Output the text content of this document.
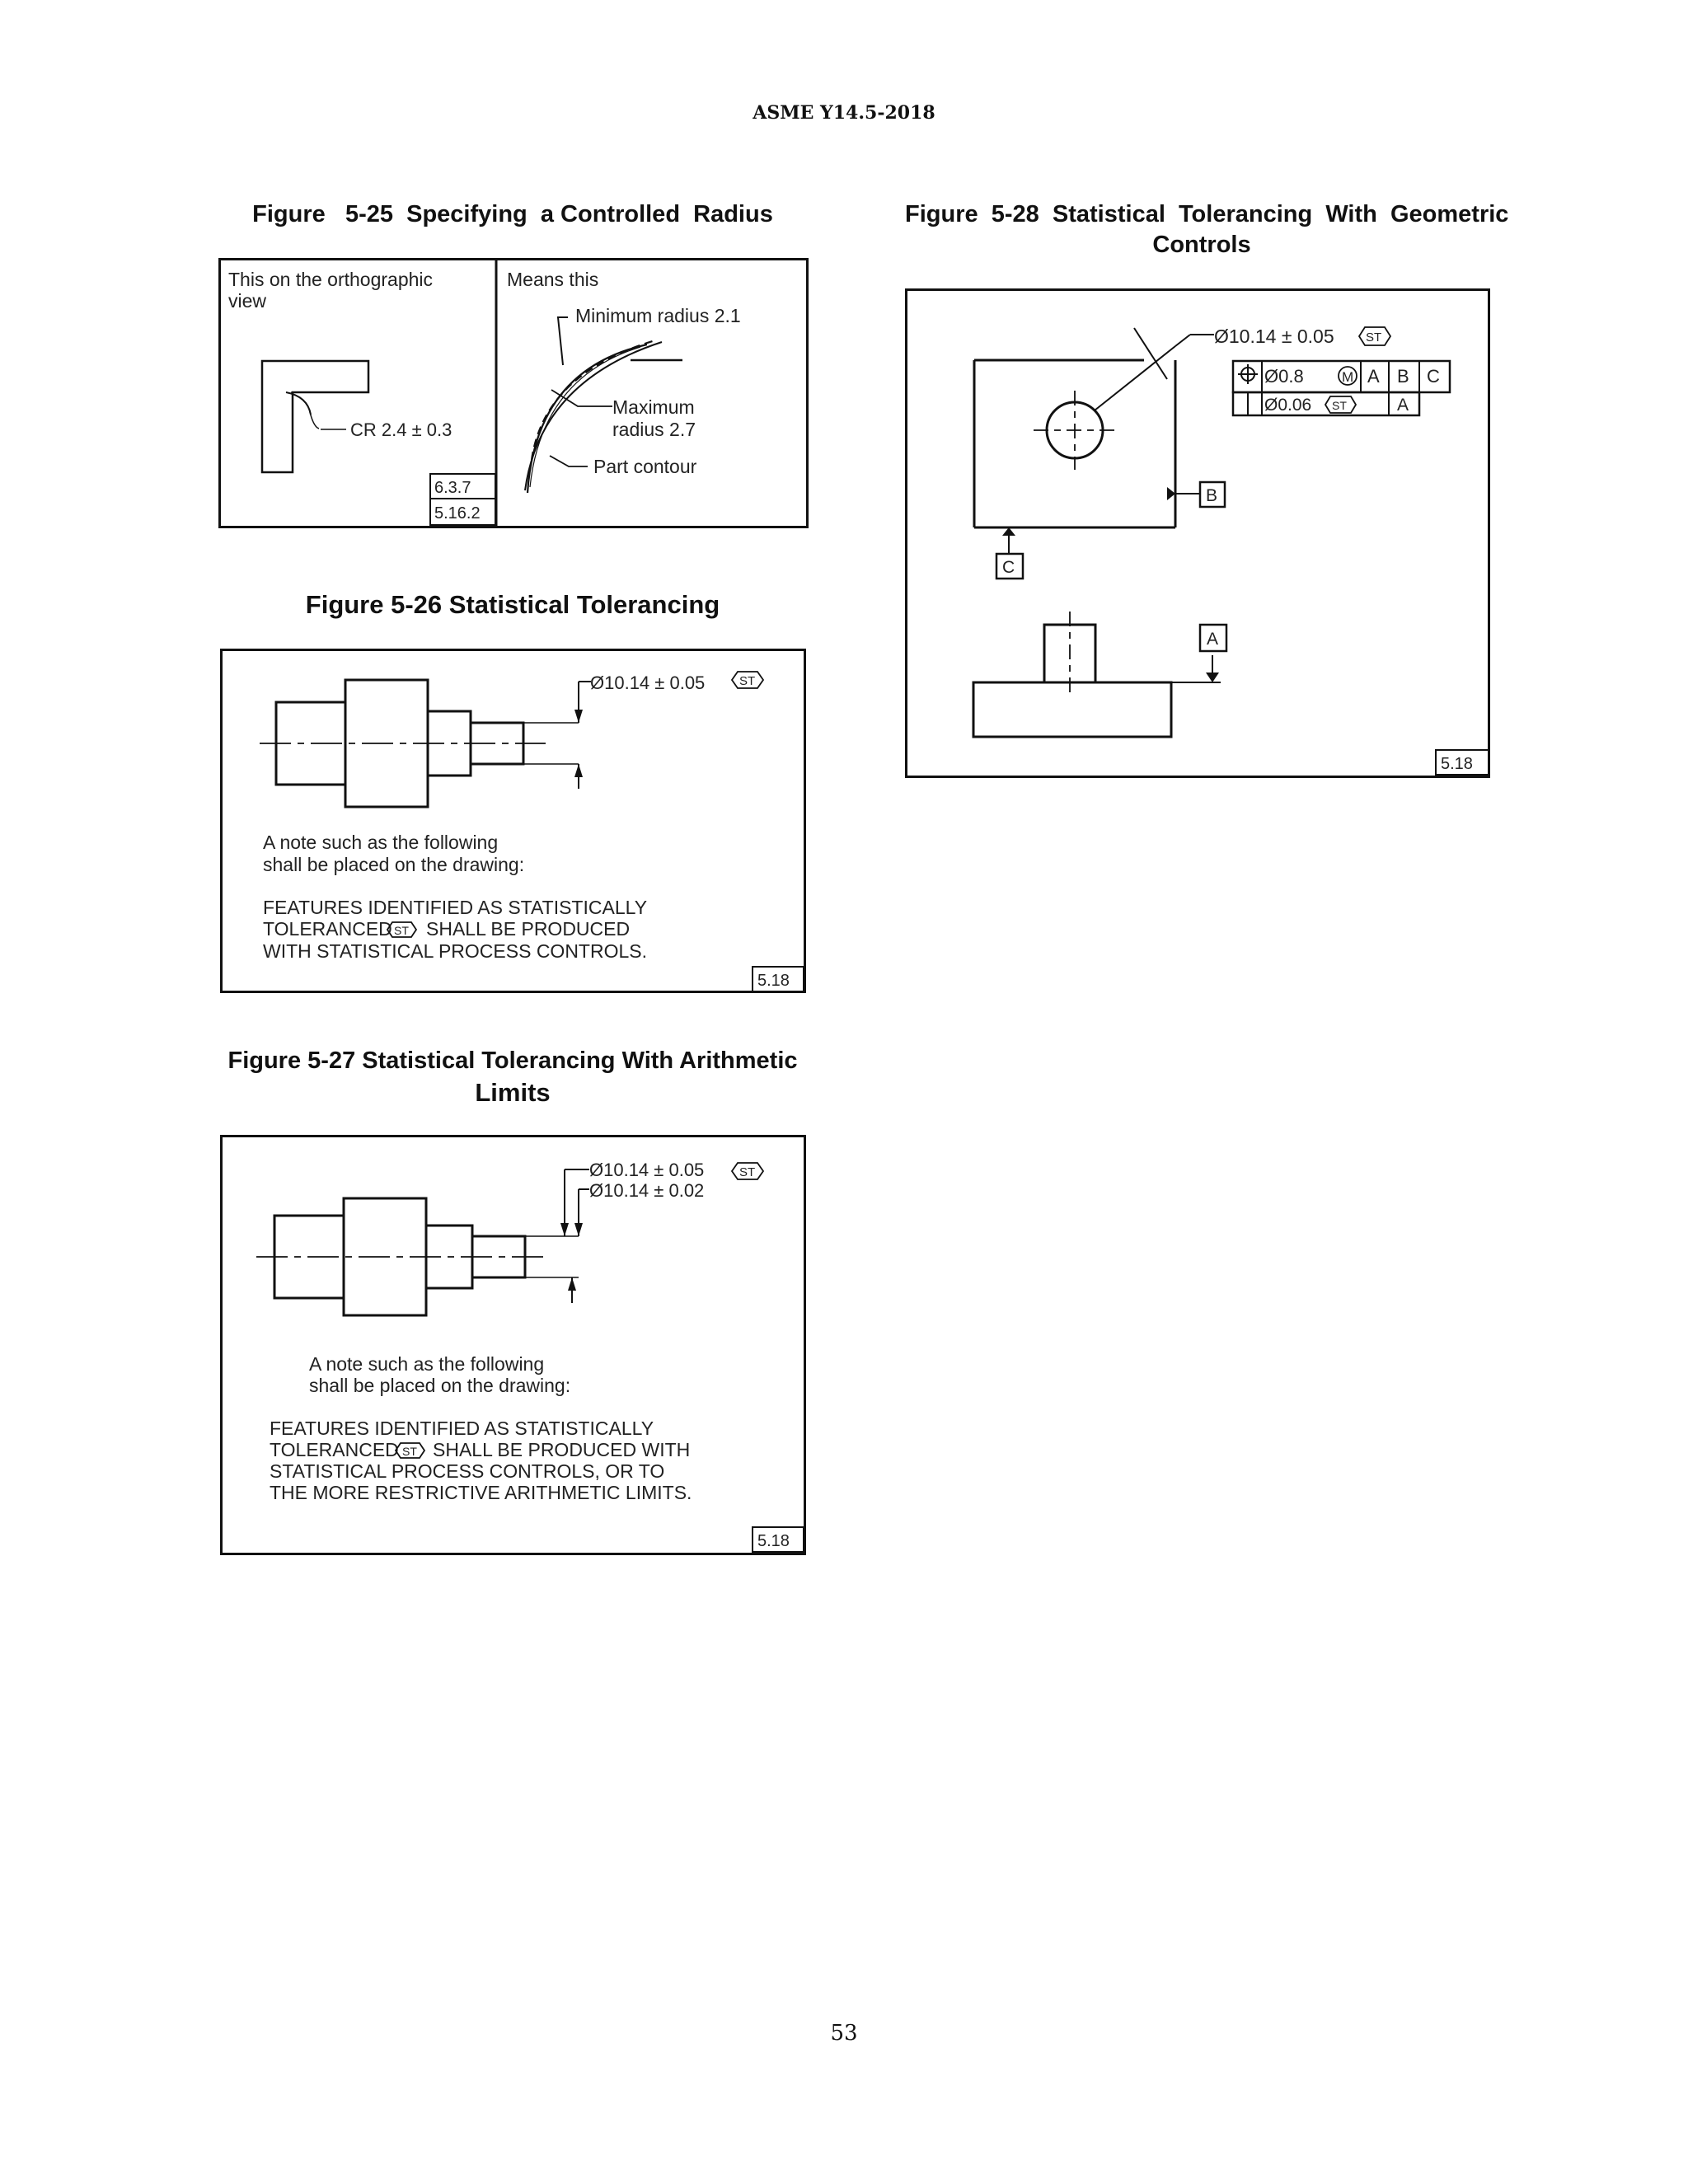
ASME Y14.5-2018
Figure   5-25  Specifying  a Controlled  Radius
This on the orthographic
view
Means this
CR 2.4 ± 0.3
6.3.7
5.16.2
Minimum radius 2.1
Maximum
radius 2.7
Part contour
Figure 5-26 Statistical Tolerancing
Ø10.14 ± 0.05	ST
A note such as the following
shall be placed on the drawing:
FEATURES IDENTIFIED AS STATISTICALLY
TOLERANCED ST SHALL BE PRODUCED
WITH STATISTICAL PROCESS CONTROLS.
5.18
Figure 5-27 Statistical Tolerancing With Arithmetic
Limits
Ø10.14 ± 0.05	ST
Ø10.14 ± 0.02
A note such as the following
shall be placed on the drawing:
FEATURES IDENTIFIED AS STATISTICALLY
TOLERANCED ST SHALL BE PRODUCED WITH
STATISTICAL PROCESS CONTROLS, OR TO
THE MORE RESTRICTIVE ARITHMETIC LIMITS.
5.18
Figure  5-28  Statistical  Tolerancing  With  Geometric
Controls
Ø10.14 ± 0.05	ST
Ø0.8	M A B C
Ø0.06 ST	A
B
C
A
5.18
53
